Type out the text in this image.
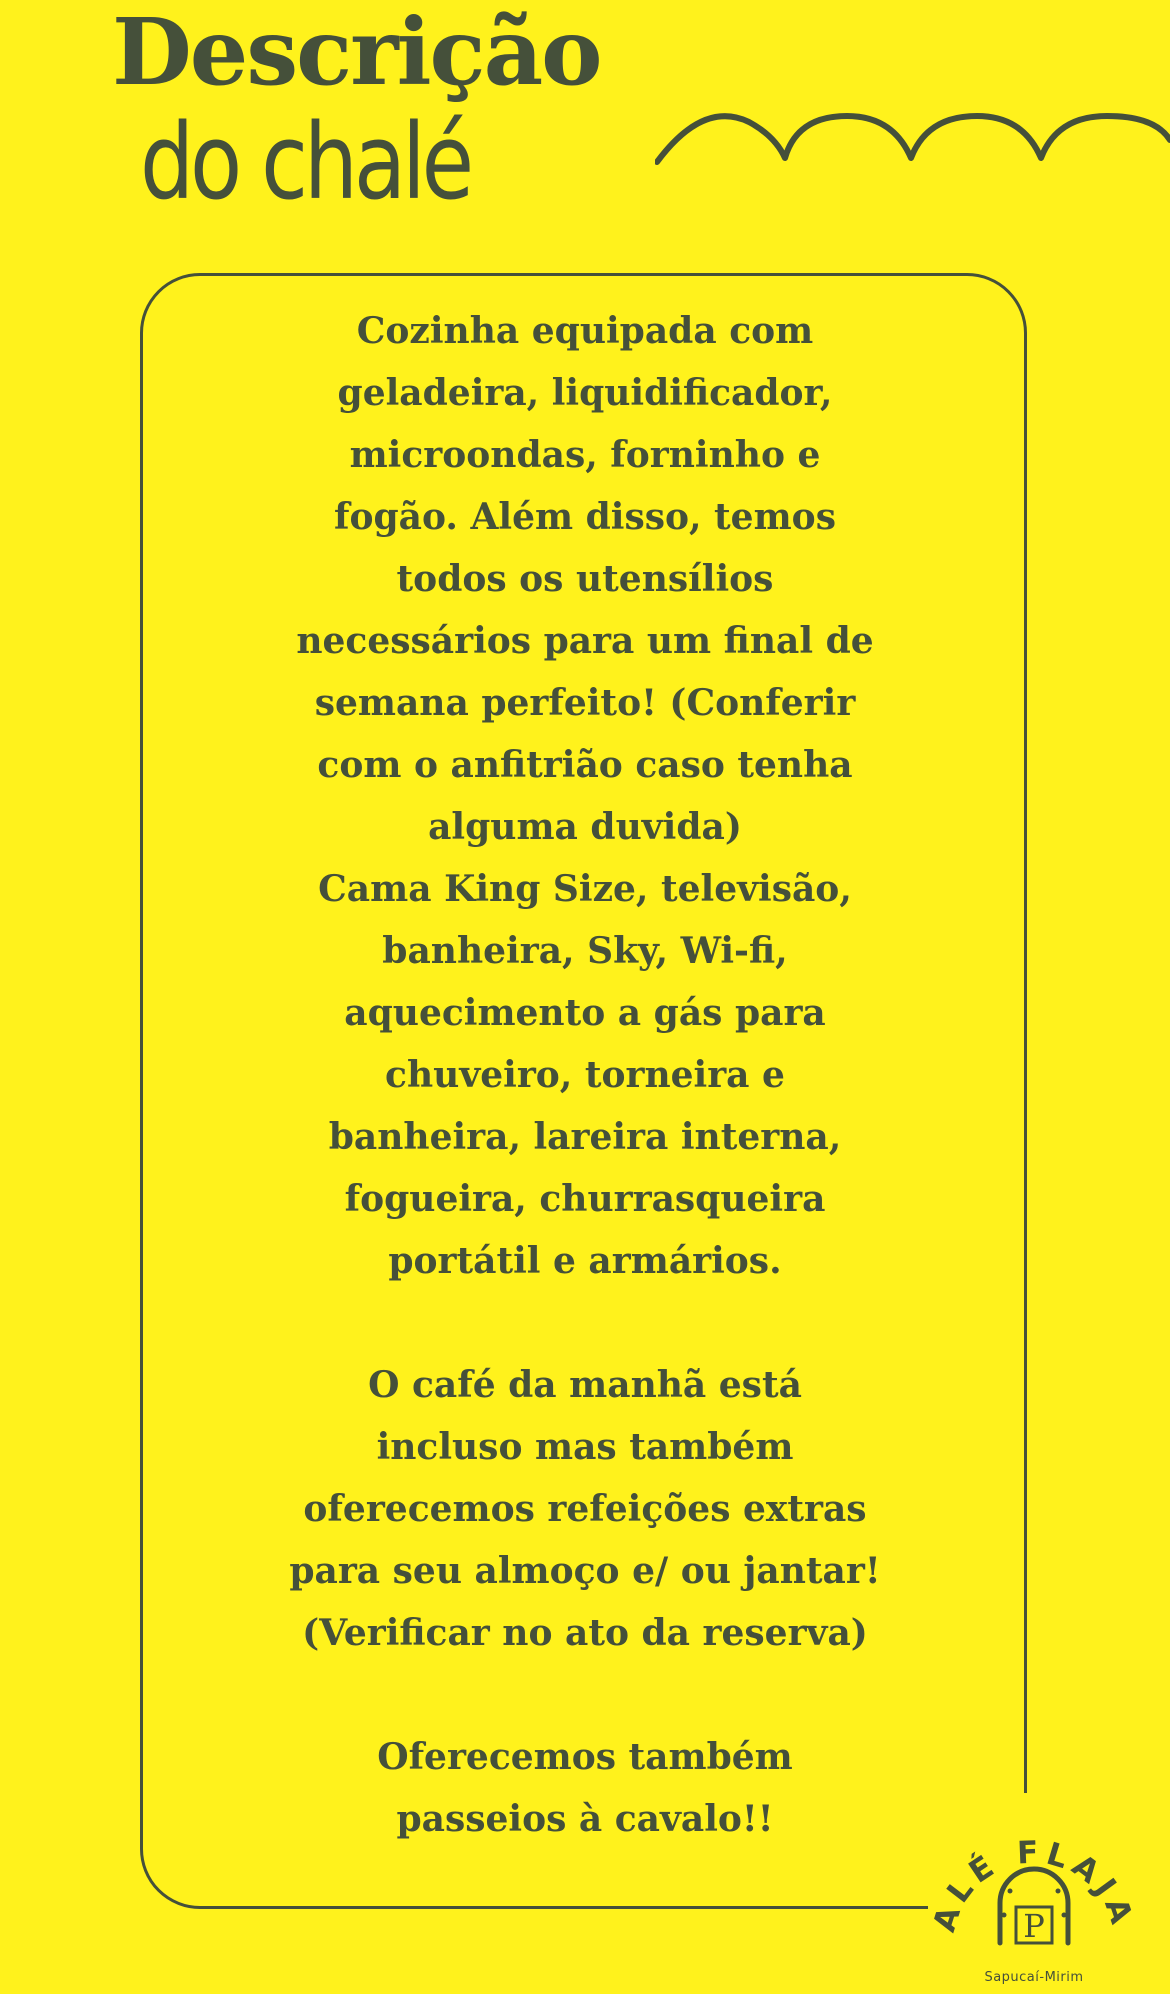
Descrição
do chalé

Cozinha equipada com
geladeira, liquidificador,
microondas, forninho e
fogão. Além disso, temos
todos os utensílios
necessários para um final de
semana perfeito! (Conferir
com o anfitrião caso tenha
alguma duvida)

Cama King Size, televisão,
banheira, Sky, Wi-fi,
aquecimento a gás para
chuveiro, torneira e
banheira, lareira interna,
fogueira, churrasqueira
portátil e armários.

O café da manhã está
incluso mas também
oferecemos refeições extras
para seu almoço e/ ou jantar!
(Verificar no ato da reserva)

Oferecemos também
passeios à cavalo!!

ALÉ FLAJA
P
Sapucaí-Mirim
